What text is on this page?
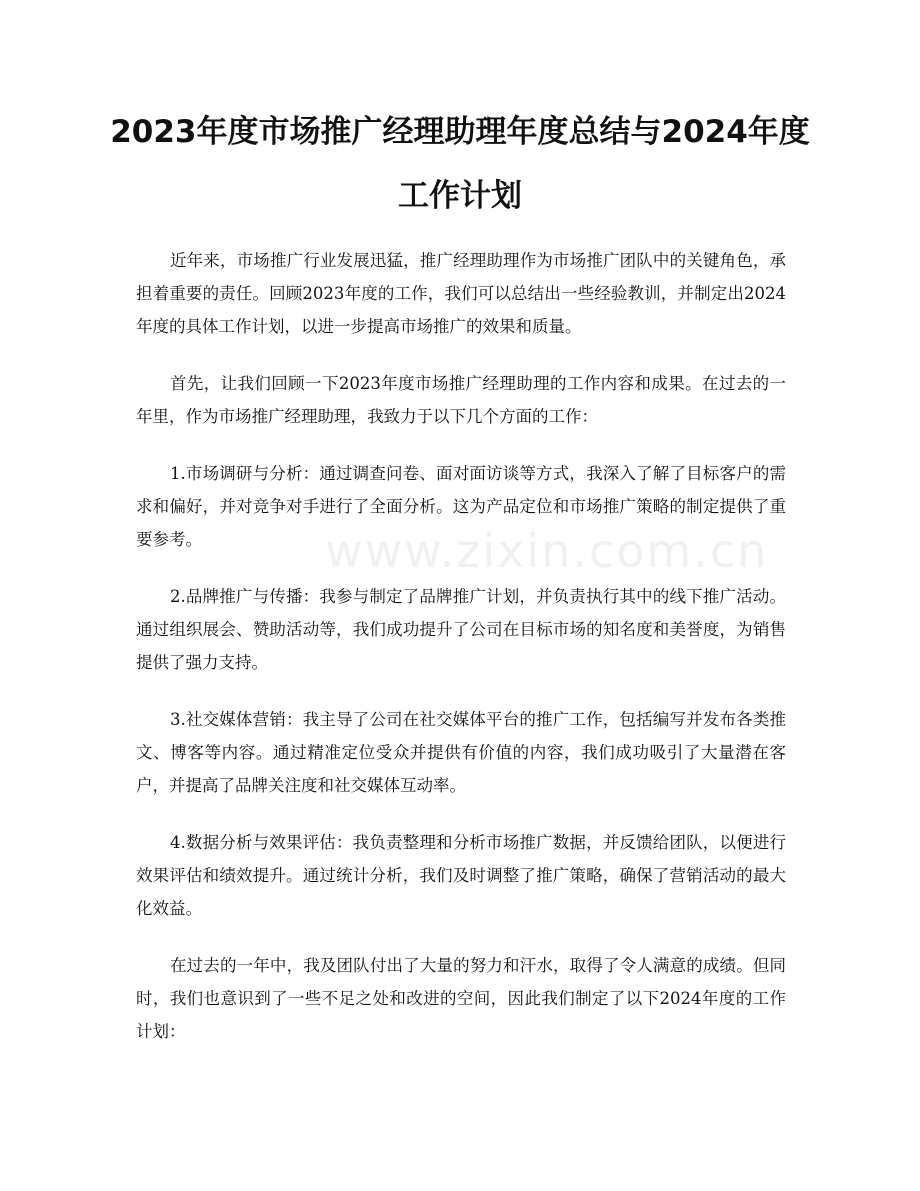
2023年度市场推广经理助理年度总结与2024年度工作计划
www.zixin.com.cn

近年来，市场推广行业发展迅猛，推广经理助理作为市场推广团队中的关键角色，承担着重要的责任。回顾2023年度的工作，我们可以总结出一些经验教训，并制定出2024年度的具体工作计划，以进一步提高市场推广的效果和质量。

首先，让我们回顾一下2023年度市场推广经理助理的工作内容和成果。在过去的一年里，作为市场推广经理助理，我致力于以下几个方面的工作：

1.市场调研与分析：通过调查问卷、面对面访谈等方式，我深入了解了目标客户的需求和偏好，并对竞争对手进行了全面分析。这为产品定位和市场推广策略的制定提供了重要参考。

2.品牌推广与传播：我参与制定了品牌推广计划，并负责执行其中的线下推广活动。通过组织展会、赞助活动等，我们成功提升了公司在目标市场的知名度和美誉度，为销售提供了强力支持。

3.社交媒体营销：我主导了公司在社交媒体平台的推广工作，包括编写并发布各类推文、博客等内容。通过精准定位受众并提供有价值的内容，我们成功吸引了大量潜在客户，并提高了品牌关注度和社交媒体互动率。

4.数据分析与效果评估：我负责整理和分析市场推广数据，并反馈给团队，以便进行效果评估和绩效提升。通过统计分析，我们及时调整了推广策略，确保了营销活动的最大化效益。

在过去的一年中，我及团队付出了大量的努力和汗水，取得了令人满意的成绩。但同时，我们也意识到了一些不足之处和改进的空间，因此我们制定了以下2024年度的工作计划：
